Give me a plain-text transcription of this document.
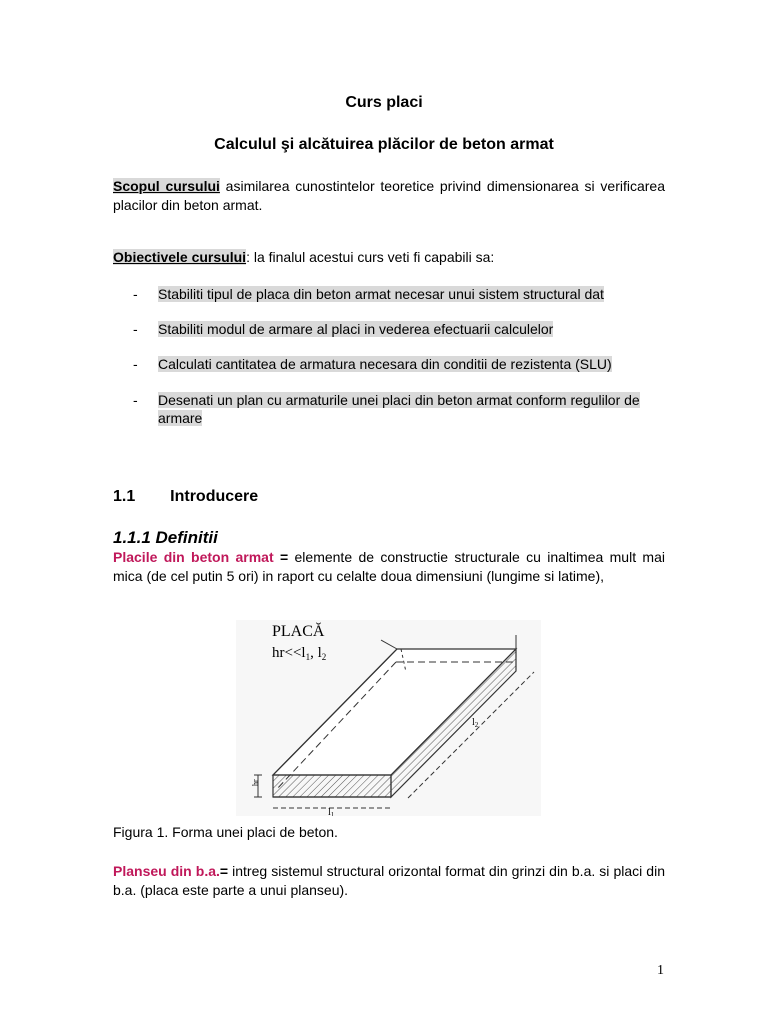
Curs placi
Calculul şi alcătuirea plăcilor de beton armat
Scopul cursului asimilarea cunostintelor teoretice privind dimensionarea si verificarea placilor din beton armat.
Obiectivele cursului: la finalul acestui curs veti fi capabili sa:
- Stabiliti tipul de placa din beton armat necesar unui sistem structural dat
- Stabiliti modul de armare al placi in vederea efectuarii calculelor
- Calculati cantitatea de armatura necesara din conditii de rezistenta (SLU)
- Desenati un plan cu armaturile unei placi din beton armat conform regulilor de armare
1.1 Introducere
1.1.1 Definitii
Placile din beton armat = elemente de constructie structurale cu inaltimea mult mai mica (de cel putin 5 ori) in raport cu celalte doua dimensiuni (lungime si latime),
PLACĂ
$hr<<l_1$, $l_2$
$l_1$
$l_2$
hr
Figura 1. Forma unei placi de beton.
Planseu din b.a.= intreg sistemul structural orizontal format din grinzi din b.a. si placi din b.a. (placa este parte a unui planseu).
1
